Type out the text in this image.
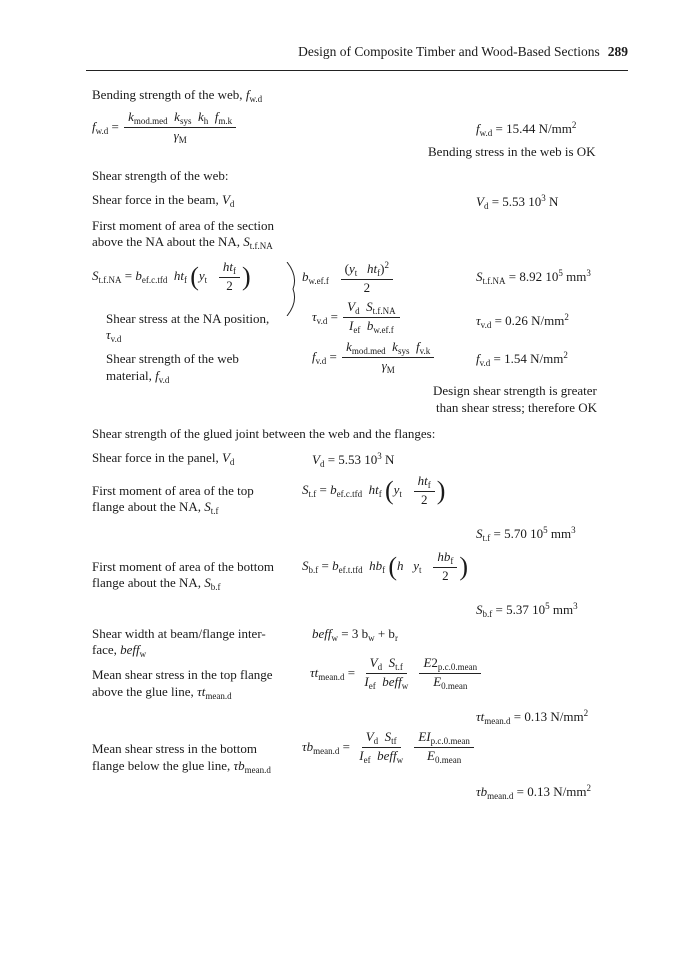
Design of Composite Timber and Wood-Based Sections 289
Bending strength of the web, $f_{w.d}$
$f_{w.d} = \frac{k_{mod.med} k_{sys} k_h f_{m.k}}{\gamma_M}$	$f_{w.d} = 15.44$ $N/mm^2$
Bending stress in the web is OK
Shear strength of the web:
Shear force in the beam, $V_d$	$V_d = 5.53$ $10^3$ N
First moment of area of the section
above the NA about the NA, $S_{t.f.NA}$
$S_{t.f.NA} = b_{ef.c.tfd}$ $ht_f$ ($y_t \frac{ht_f}{2}$ )	$b_{w.ef.f} \frac{(y_t ht_f)^2}{2}$	$S_{t.f.NA} = 8.92$ $10^5$ $mm^3$
Shear stress at the NA position,
$\tau_{v.d}$
$\tau_{v.d} = \frac{V_d S_{t.f.NA}}{I_{ef} b_{w.ef.f}}$	$\tau_{v.d} = 0.26$ $N/mm^2$
Shear strength of the web
material, $f_{v.d}$
$f_{v.d} = \frac{k_{mod.med} k_{sys} f_{v.k}}{\gamma_M}$	$f_{v.d} = 1.54$ $N/mm^2$
Design shear strength is greater
than shear stress; therefore OK
Shear strength of the glued joint between the web and the flanges:
Shear force in the panel, $V_d$	$V_d = 5.53$ $10^3$ N
First moment of area of the top
flange about the NA, $S_{t.f}$
$S_{t.f} = b_{ef.c.tfd}$ $ht_f$ ($y_t \frac{ht_f}{2}$ )
$S_{t.f} = 5.70$ $10^5$ $mm^3$
First moment of area of the bottom
flange about the NA, $S_{b.f}$
$S_{b.f} = b_{ef.t.tfd}$ $hb_f$ (h $y_t \frac{hb_f}{2}$ )
$S_{b.f} = 5.37$ $10^5$ $mm^3$
Shear width at beam/flange inter-
face, beff$_w$
beff$_w$ = 3 $b_w + b_r$
Mean shear stress in the top flange
above the glue line, $\tau t_{mean.d}$
$\tau t_{mean.d} = \frac{V_d S_{t.f}}{I_{ef} beff_w}$
$\frac{E2_{p.c.0.mean}}{E_{0.mean}}$
$\tau t_{mean.d} = 0.13$ $N/mm^2$
Mean shear stress in the bottom
flange below the glue line, $\tau b_{mean.d}$
$\tau b_{mean.d} = \frac{V_d S_{tf}}{I_{ef} beff_w}$
$\frac{EI_{p.c.0.mean}}{E_{0.mean}}$
$\tau b_{mean.d} = 0.13$ $N/mm^2$
